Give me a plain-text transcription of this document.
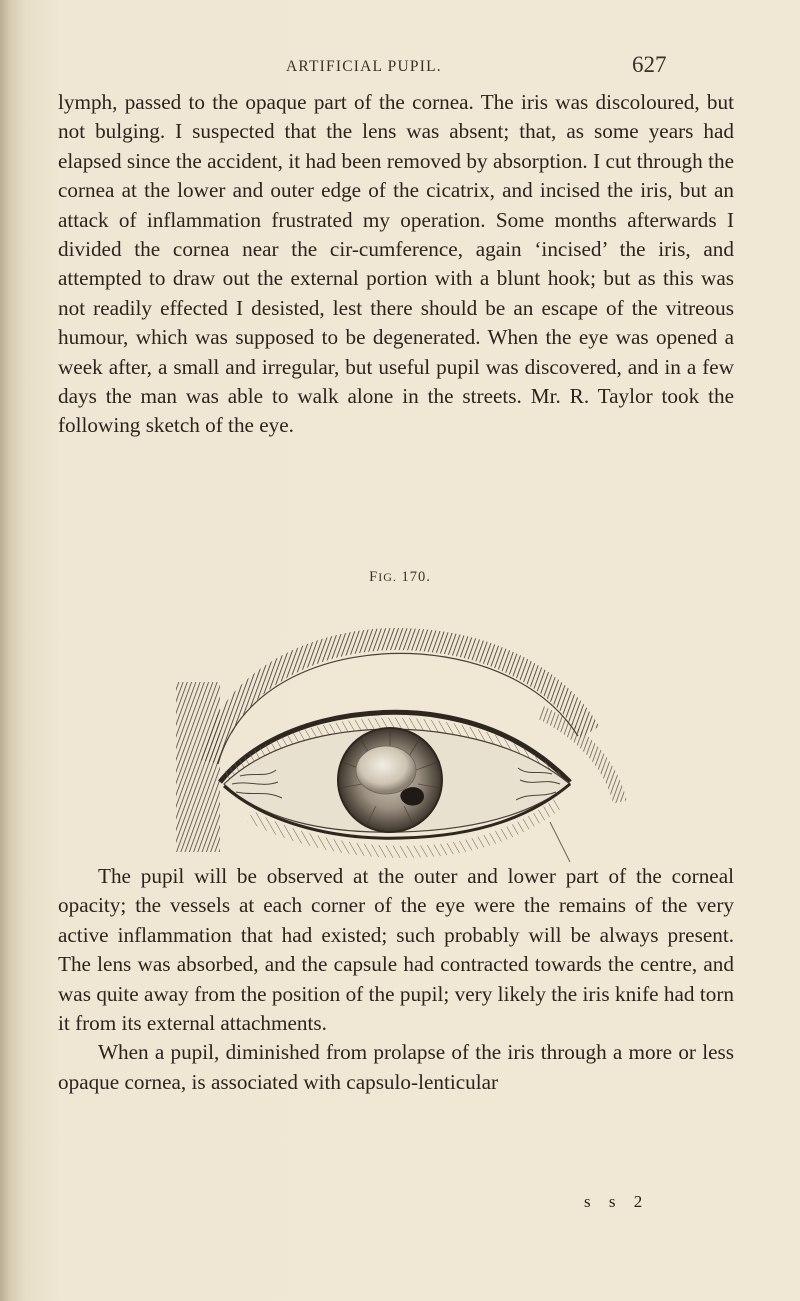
ARTIFICIAL PUPIL.	627

lymph, passed to the opaque part of the cornea. The iris was discoloured, but not bulging. I suspected that the lens was absent; that, as some years had elapsed since the accident, it had been removed by absorption. I cut through the cornea at the lower and outer edge of the cicatrix, and incised the iris, but an attack of inflammation frustrated my operation. Some months afterwards I divided the cornea near the cir-cumference, again ‘incised’ the iris, and attempted to draw out the external portion with a blunt hook; but as this was not readily effected I desisted, lest there should be an escape of the vitreous humour, which was supposed to be degenerated. When the eye was opened a week after, a small and irregular, but useful pupil was discovered, and in a few days the man was able to walk alone in the streets. Mr. R. Taylor took the following sketch of the eye.

FIG. 170.

The pupil will be observed at the outer and lower part of the corneal opacity; the vessels at each corner of the eye were the remains of the very active inflammation that had existed; such probably will be always present. The lens was absorbed, and the capsule had contracted towards the centre, and was quite away from the position of the pupil; very likely the iris knife had torn it from its external attachments.

When a pupil, diminished from prolapse of the iris through a more or less opaque cornea, is associated with capsulo-lenticular

s s 2
